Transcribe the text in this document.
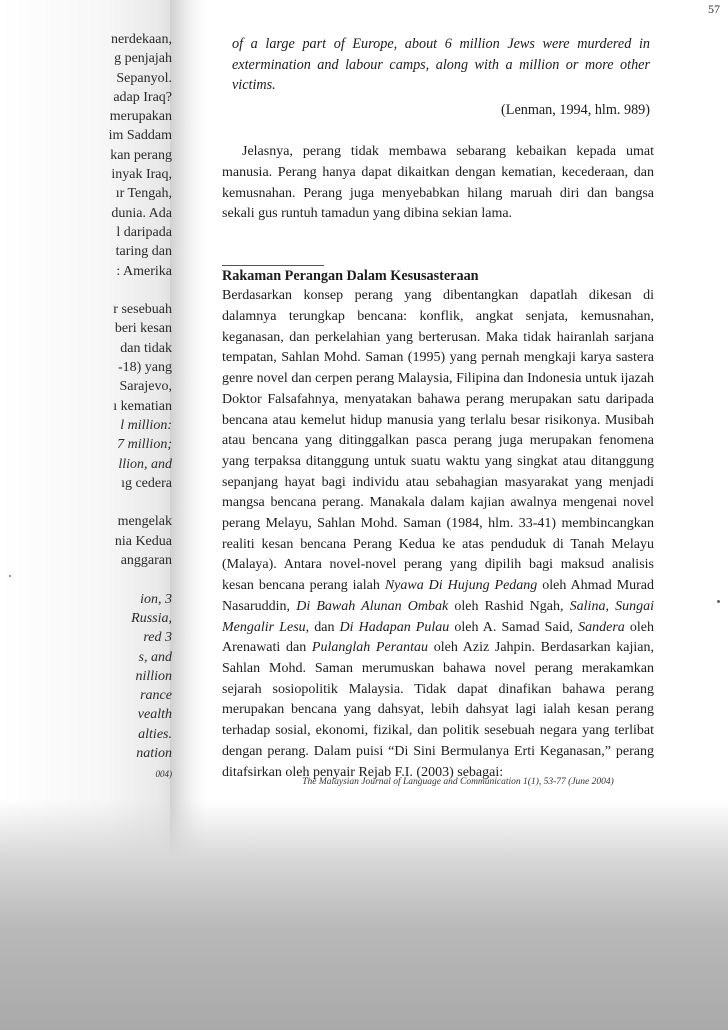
57
nerdekaan,
g penjajah
Sepanyol.
adap Iraq?
merupakan
im Saddam
kan perang
inyak Iraq,
ır Tengah,
dunia. Ada
l daripada
taring dan
: Amerika
r sesebuah
beri kesan
dan tidak
-18) yang
Sarajevo,
ı kematian
l million:
7 million;
llion, and
ıg cedera
mengelak
nia Kedua
anggaran
ion, 3
Russia,
red 3
s, and
nillion
rance
vealth
alties.
nation
004)
of a large part of Europe, about 6 million Jews were murdered in extermination and labour camps, along with a million or more other victims.
(Lenman, 1994, hlm. 989)

Jelasnya, perang tidak membawa sebarang kebaikan kepada umat manusia. Perang hanya dapat dikaitkan dengan kematian, kecederaan, dan kemusnahan. Perang juga menyebabkan hilang maruah diri dan bangsa sekali gus runtuh tamadun yang dibina sekian lama.

Rakaman Perangan Dalam Kesusasteraan

Berdasarkan konsep perang yang dibentangkan dapatlah dikesan di dalamnya terungkap bencana: konflik, angkat senjata, kemusnahan, keganasan, dan perkelahian yang berterusan. Maka tidak hairanlah sarjana tempatan, Sahlan Mohd. Saman (1995) yang pernah mengkaji karya sastera genre novel dan cerpen perang Malaysia, Filipina dan Indonesia untuk ijazah Doktor Falsafahnya, menyatakan bahawa perang merupakan satu daripada bencana atau kemelut hidup manusia yang terlalu besar risikonya. Musibah atau bencana yang ditinggalkan pasca perang juga merupakan fenomena yang terpaksa ditanggung untuk suatu waktu yang singkat atau ditanggung sepanjang hayat bagi individu atau sebahagian masyarakat yang menjadi mangsa bencana perang. Manakala dalam kajian awalnya mengenai novel perang Melayu, Sahlan Mohd. Saman (1984, hlm. 33-41) membincangkan realiti kesan bencana Perang Kedua ke atas penduduk di Tanah Melayu (Malaya). Antara novel-novel perang yang dipilih bagi maksud analisis kesan bencana perang ialah Nyawa Di Hujung Pedang oleh Ahmad Murad Nasaruddin, Di Bawah Alunan Ombak oleh Rashid Ngah, Salina, Sungai Mengalir Lesu, dan Di Hadapan Pulau oleh A. Samad Said, Sandera oleh Arenawati dan Pulanglah Perantau oleh Aziz Jahpin. Berdasarkan kajian, Sahlan Mohd. Saman merumuskan bahawa novel perang merakamkan sejarah sosiopolitik Malaysia. Tidak dapat dinafikan bahawa perang merupakan bencana yang dahsyat, lebih dahsyat lagi ialah kesan perang terhadap sosial, ekonomi, fizikal, dan politik sesebuah negara yang terlibat dengan perang. Dalam puisi “Di Sini Bermulanya Erti Keganasan,” perang ditafsirkan oleh penyair Rejab F.I. (2003) sebagai:

The Malaysian Journal of Language and Communication 1(1), 53-77 (June 2004)
